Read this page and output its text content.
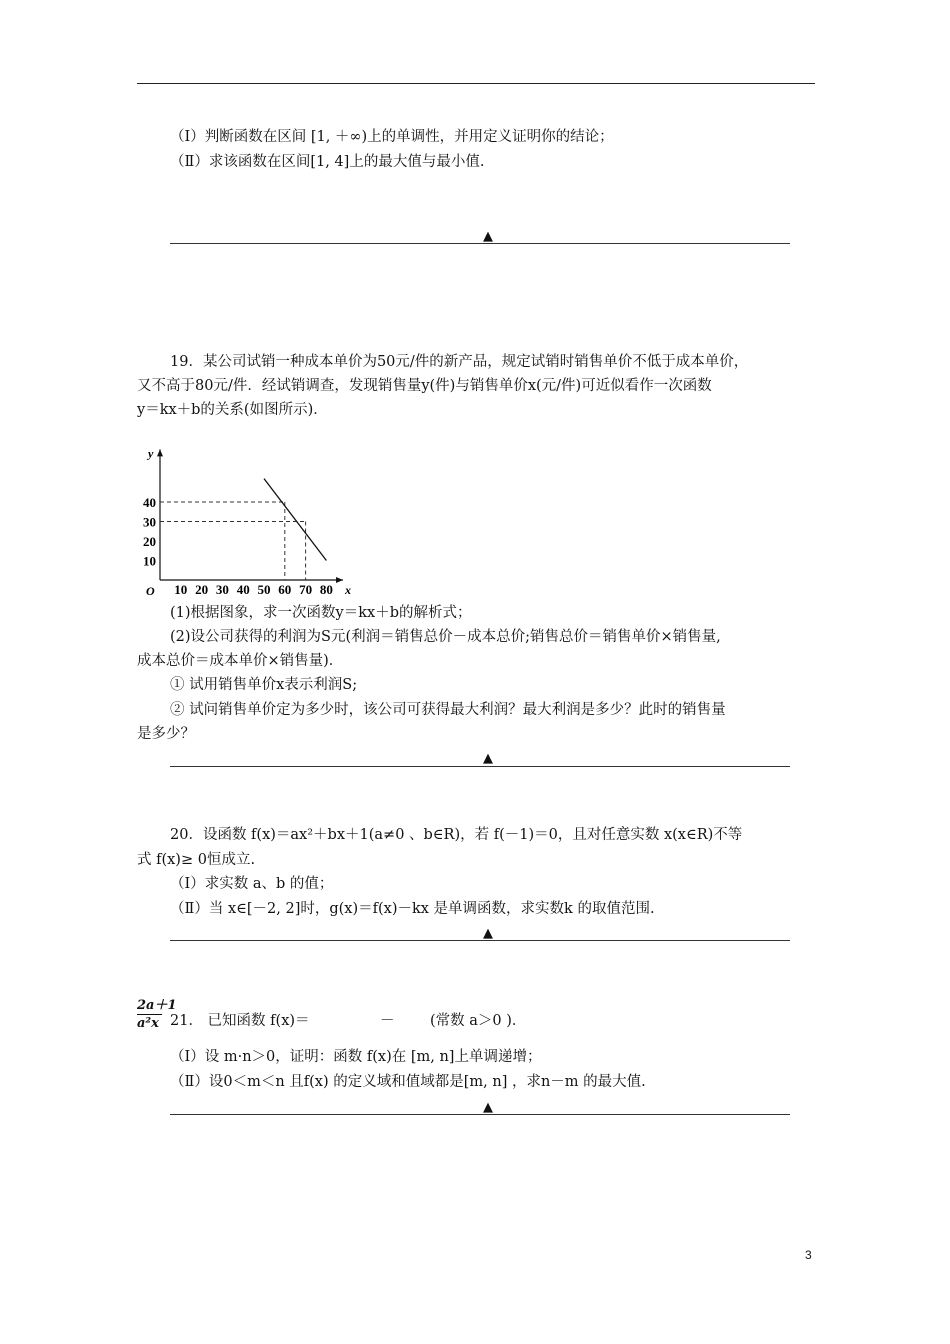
（Ⅰ）判断函数在区间 [1, ＋∞)上的单调性，并用定义证明你的结论；
（Ⅱ）求该函数在区间[1, 4]上的最大值与最小值.
▲
19．某公司试销一种成本单价为50元/件的新产品，规定试销时销售单价不低于成本单价，
又不高于80元/件．经试销调查，发现销售量y(件)与销售单价x(元/件)可近似看作一次函数
y＝kx＋b的关系(如图所示)．
x
y
O 10 20 30 40 50 60 70 80
10
20
30
40
(1)根据图象，求一次函数y＝kx＋b的解析式；
(2)设公司获得的利润为S元(利润＝销售总价－成本总价;销售总价＝销售单价×销售量,
成本总价＝成本单价×销售量)．
① 试用销售单价x表示利润S;
② 试问销售单价定为多少时，该公司可获得最大利润？最大利润是多少？此时的销售量
是多少？
▲
20．设函数 f(x)＝ax²＋bx＋1(a≠0 、b∈R)，若 f(－1)＝0，且对任意实数 x(x∈R)不等
式 f(x)≥ 0恒成立.
（Ⅰ）求实数 a、b 的值；
（Ⅱ）当 x∈[－2, 2]时，g(x)＝f(x)－kx 是单调函数，求实数k 的取值范围.
▲
2a＋1
a²x 21． 已知函数 f(x)＝	－ (常数 a＞0 )．
（Ⅰ）设 m·n＞0，证明：函数 f(x)在 [m, n]上单调递增；
（Ⅱ）设0＜m＜n 且f(x) 的定义域和值域都是[m, n] ，求n－m 的最大值.
▲
3
